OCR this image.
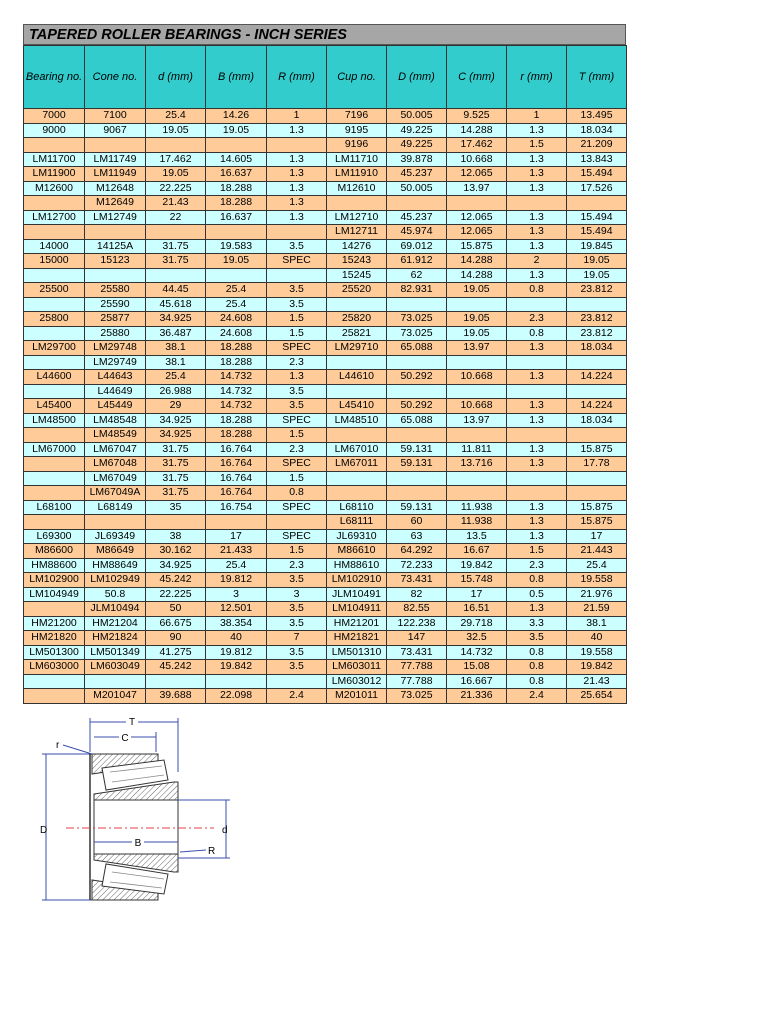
TAPERED ROLLER BEARINGS - INCH SERIES
Bearing no.	Cone no.	d (mm)	B (mm)	R (mm)	Cup no.	D (mm)	C (mm)	r (mm)	T (mm)
7000	7100	25.4	14.26	1	7196	50.005	9.525	1	13.495
9000	9067	19.05	19.05	1.3	9195	49.225	14.288	1.3	18.034
					9196	49.225	17.462	1.5	21.209
LM11700	LM11749	17.462	14.605	1.3	LM11710	39.878	10.668	1.3	13.843
LM11900	LM11949	19.05	16.637	1.3	LM11910	45.237	12.065	1.3	15.494
M12600	M12648	22.225	18.288	1.3	M12610	50.005	13.97	1.3	17.526
	M12649	21.43	18.288	1.3					
LM12700	LM12749	22	16.637	1.3	LM12710	45.237	12.065	1.3	15.494
					LM12711	45.974	12.065	1.3	15.494
14000	14125A	31.75	19.583	3.5	14276	69.012	15.875	1.3	19.845
15000	15123	31.75	19.05	SPEC	15243	61.912	14.288	2	19.05
					15245	62	14.288	1.3	19.05
25500	25580	44.45	25.4	3.5	25520	82.931	19.05	0.8	23.812
	25590	45.618	25.4	3.5					
25800	25877	34.925	24.608	1.5	25820	73.025	19.05	2.3	23.812
	25880	36.487	24.608	1.5	25821	73.025	19.05	0.8	23.812
LM29700	LM29748	38.1	18.288	SPEC	LM29710	65.088	13.97	1.3	18.034
	LM29749	38.1	18.288	2.3					
L44600	L44643	25.4	14.732	1.3	L44610	50.292	10.668	1.3	14.224
	L44649	26.988	14.732	3.5					
L45400	L45449	29	14.732	3.5	L45410	50.292	10.668	1.3	14.224
LM48500	LM48548	34.925	18.288	SPEC	LM48510	65.088	13.97	1.3	18.034
	LM48549	34.925	18.288	1.5					
LM67000	LM67047	31.75	16.764	2.3	LM67010	59.131	11.811	1.3	15.875
	LM67048	31.75	16.764	SPEC	LM67011	59.131	13.716	1.3	17.78
	LM67049	31.75	16.764	1.5					
	LM67049A	31.75	16.764	0.8					
L68100	L68149	35	16.754	SPEC	L68110	59.131	11.938	1.3	15.875
					L68111	60	11.938	1.3	15.875
L69300	JL69349	38	17	SPEC	JL69310	63	13.5	1.3	17
M86600	M86649	30.162	21.433	1.5	M86610	64.292	16.67	1.5	21.443
HM88600	HM88649	34.925	25.4	2.3	HM88610	72.233	19.842	2.3	25.4
LM102900	LM102949	45.242	19.812	3.5	LM102910	73.431	15.748	0.8	19.558
LM104949	50.8	22.225	3	3	JLM10491	82	17	0.5	21.976
	JLM10494	50	12.501	3.5	LM104911	82.55	16.51	1.3	21.59
HM21200	HM21204	66.675	38.354	3.5	HM21201	122.238	29.718	3.3	38.1
HM21820	HM21824	90	40	7	HM21821	147	32.5	3.5	40
LM501300	LM501349	41.275	19.812	3.5	LM501310	73.431	14.732	0.8	19.558
LM603000	LM603049	45.242	19.842	3.5	LM603011	77.788	15.08	0.8	19.842
					LM603012	77.788	16.667	0.8	21.43
	M201047	39.688	22.098	2.4	M201011	73.025	21.336	2.4	25.654
T
C
r
D
B
d
R
